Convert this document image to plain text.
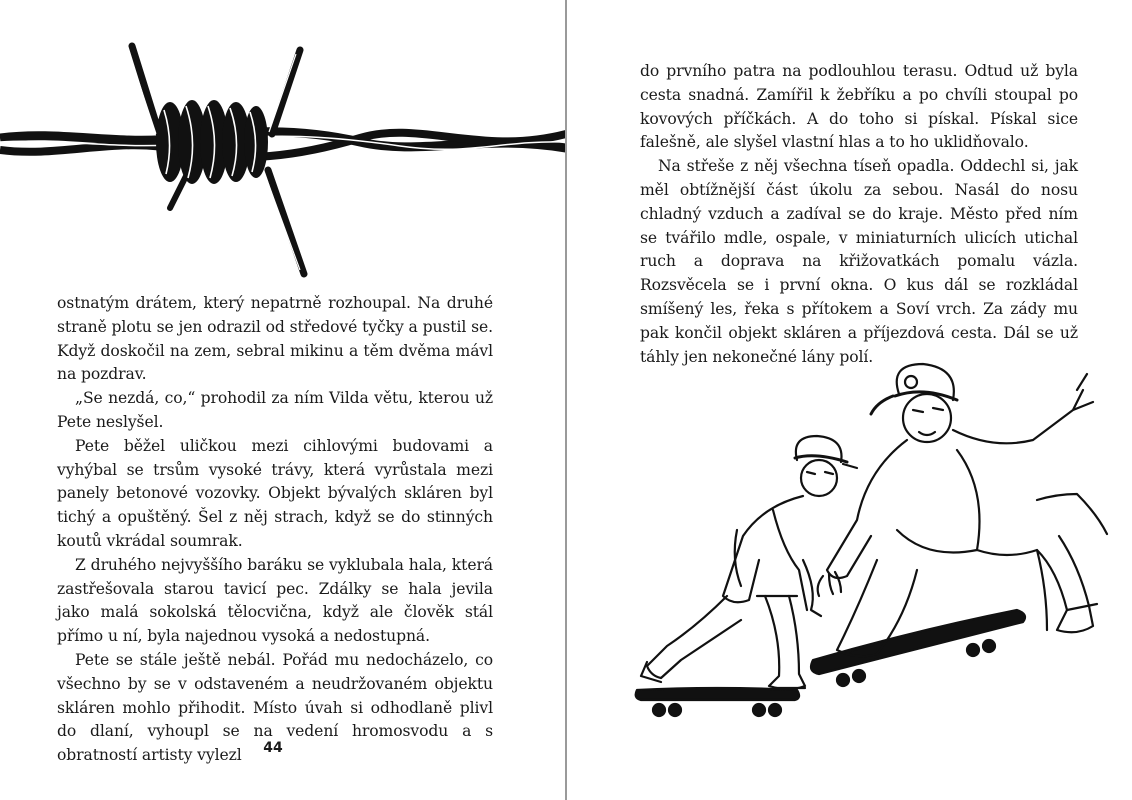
ostnatým drátem, který nepatrně rozhoupal. Na druhé straně plotu se jen odrazil od středové tyčky a pustil se. Když doskočil na zem, sebral mikinu a těm dvěma mávl na pozdrav.

„Se nezdá, co,“ prohodil za ním Vilda větu, kterou už Pete neslyšel.

Pete běžel uličkou mezi cihlovými budovami a vyhýbal se trsům vysoké trávy, která vyrůstala mezi panely betonové vozovky. Objekt bývalých skláren byl tichý a opuštěný. Šel z něj strach, když se do stinných koutů vkrádal soumrak.

Z druhého nejvyššího baráku se vyklubala hala, která zastřešovala starou tavicí pec. Zdálky se hala jevila jako malá sokolská tělocvična, když ale člověk stál přímo u ní, byla najednou vysoká a nedostupná.

Pete se stále ještě nebál. Pořád mu nedocházelo, co všechno by se v odstaveném a neudržovaném objektu skláren mohlo přihodit. Místo úvah si odhodlaně plivl do dlaní, vyhoupl se na vedení hromosvodu a s obratností artisty vylezl	44

do prvního patra na podlouhlou terasu. Odtud už byla cesta snadná. Zamířil k žebříku a po chvíli stoupal po kovových příčkách. A do toho si pískal. Pískal sice falešně, ale slyšel vlastní hlas a to ho uklidňovalo.

Na střeše z něj všechna tíseň opadla. Oddechl si, jak měl obtížnější část úkolu za sebou. Nasál do nosu chladný vzduch a zadíval se do kraje. Město před ním se tvářilo mdle, ospale, v miniaturních ulicích utichal ruch a doprava na křižovatkách pomalu vázla. Rozsvěcela se i první okna. O kus dál se rozkládal smíšený les, řeka s přítokem a Soví vrch. Za zády mu pak končil objekt skláren a příjezdová cesta. Dál se už táhly jen nekonečné lány polí.
